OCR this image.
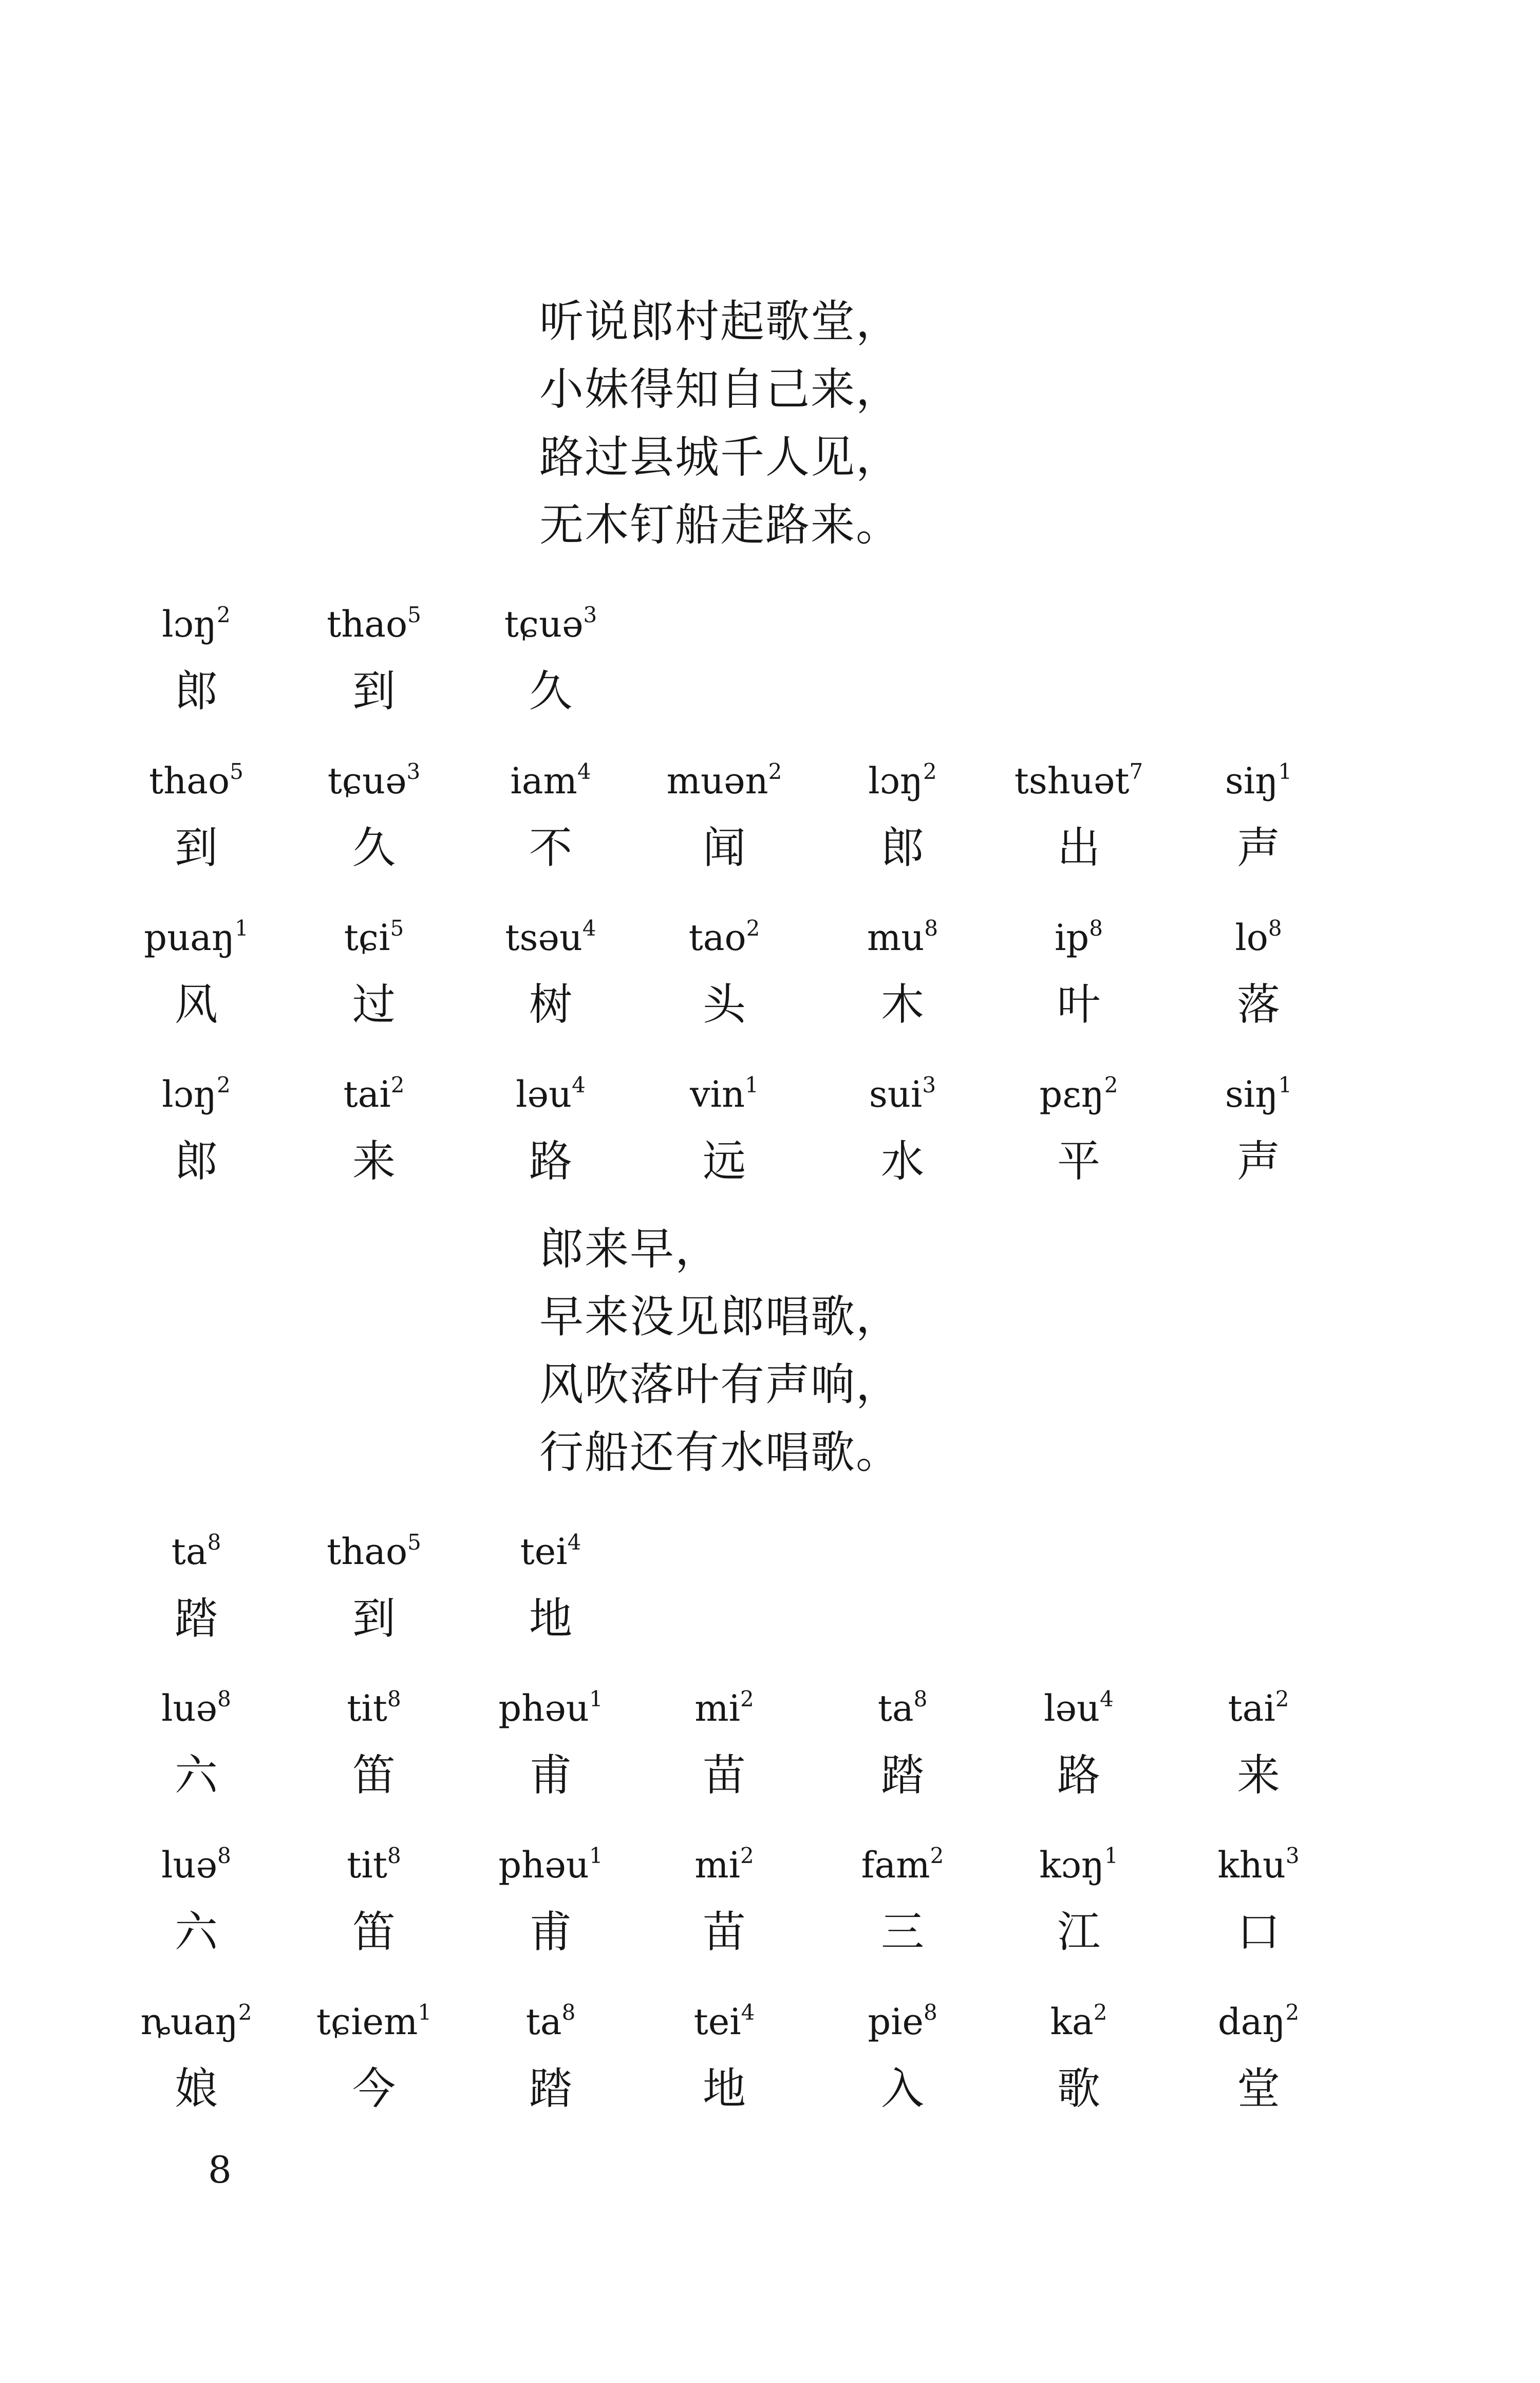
听说郎村起歌堂，
小妹得知自己来，
路过县城千人见，
无木钉船走路来。
lɔŋ$^2$
郎
thao$^5$
到
tɕuə$^3$
久
thao$^5$
到
tɕuə$^3$
久
iam$^4$
不
muən$^2$
闻
lɔŋ$^2$
郎
tshuət$^7$
出
siŋ$^1$
声
puaŋ$^1$
风
tɕi$^5$
过
tsəu$^4$
树
tao$^2$
头
$mu^8$
木
$ip^8$
叶
$lo^8$
落
lɔŋ$^2$
郎
tai$^2$
来
ləu$^4$
路
vin$^1$
远
sui$^3$
水
pɛŋ$^2$
平
siŋ$^1$
声
郎来早，
早来没见郎唱歌，
风吹落叶有声响，
行船还有水唱歌。
$ta^8$
踏
thao$^5$
到
tei$^4$
地
luə$^8$
六
tit$^8$
笛
phəu$^1$
甫
$mi^2$
苗
$ta^8$
踏
ləu$^4$
路
tai$^2$
来
luə$^8$
六
tit$^8$
笛
phəu$^1$
甫
$mi^2$
苗
fam$^2$
三
kɔŋ$^1$
江
khu$^3$
口
ȵuaŋ$^2$
娘
tɕiem$^1$
今
$ta^8$
踏
tei$^4$
地
pie$^8$
入
$ka^2$
歌
daŋ$^2$
堂
8
